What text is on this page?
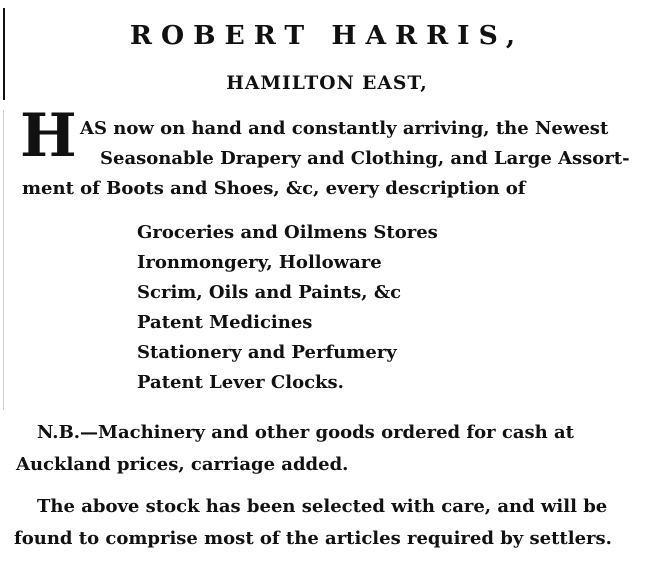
ROBERT HARRIS,
HAMILTON EAST,
H AS now on hand and constantly arriving, the Newest
Seasonable Drapery and Clothing, and Large Assort-
ment of Boots and Shoes, &c, every description of
Groceries and Oilmens Stores
Ironmongery, Holloware
Scrim, Oils and Paints, &c
Patent Medicines
Stationery and Perfumery
Patent Lever Clocks.
N.B.—Machinery and other goods ordered for cash at
Auckland prices, carriage added.
The above stock has been selected with care, and will be
found to comprise most of the articles required by settlers.
